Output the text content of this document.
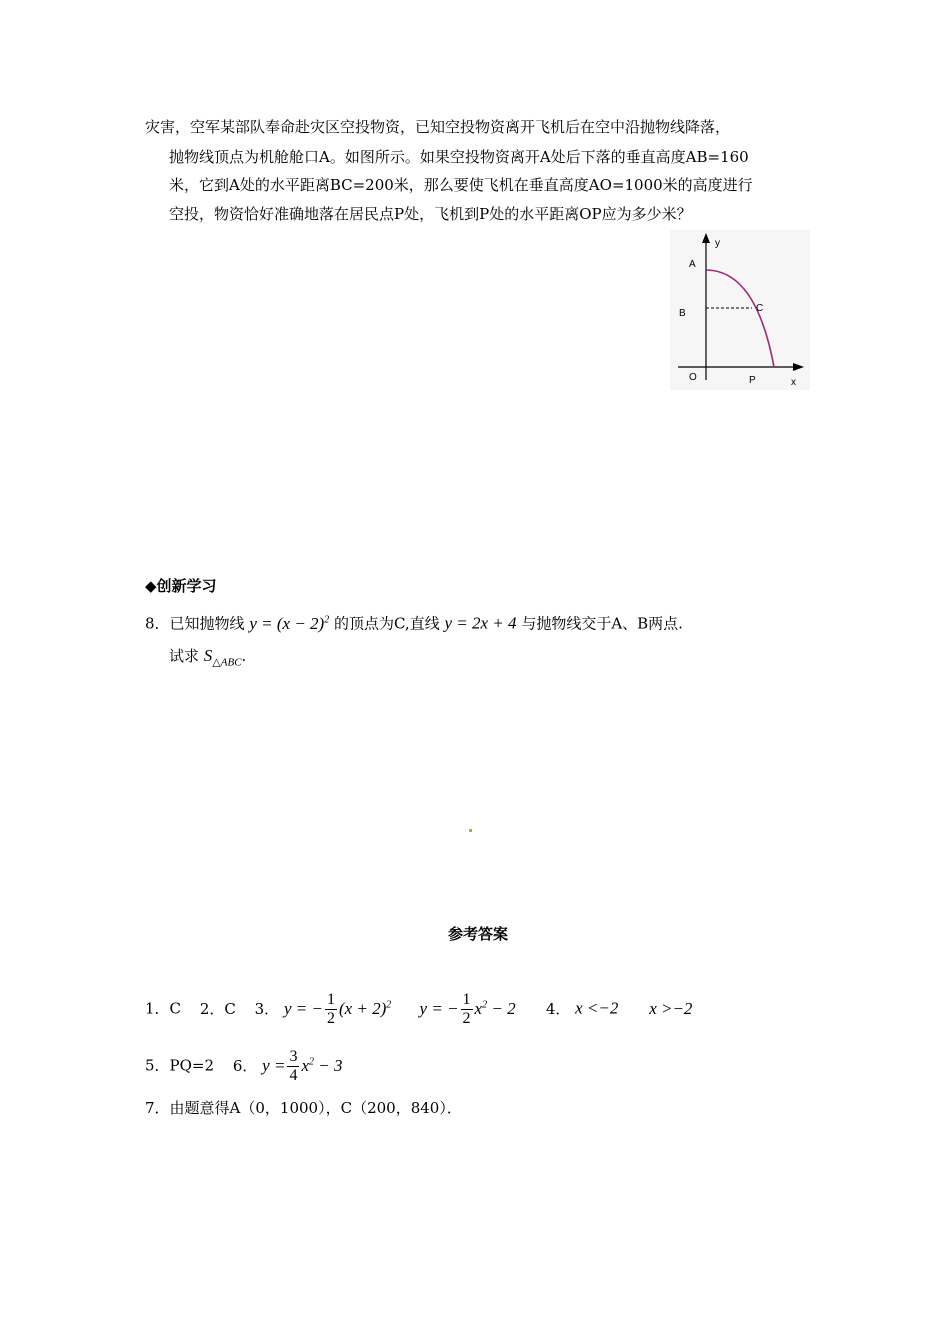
灾害，空军某部队奉命赴灾区空投物资，已知空投物资离开飞机后在空中沿抛物线降落，
抛物线顶点为机舱舱口A。如图所示。如果空投物资离开A处后下落的垂直高度AB=160
米，它到A处的水平距离BC=200米，那么要使飞机在垂直高度AO=1000米的高度进行
空投，物资恰好准确地落在居民点P处，飞机到P处的水平距离OP应为多少米？
y
A
B	C
O	P	x
◆创新学习
8．已知抛物线 $y = (x - 2)^2$ 的顶点为C,直线 y = 2x + 4 与抛物线交于A、B两点.
试求 $S_{\triangle ABC}$.
参考答案
1．C 2．C 3． y = − $\frac{1}{2} (x + 2)^2$ y = − $\frac{1}{2} x^2 - 2$ 4． x <−2 x >−2
5．PQ=2 6． $y = \frac{3}{4} x^2 - 3$
7．由题意得A（0，1000），C（200，840）．
